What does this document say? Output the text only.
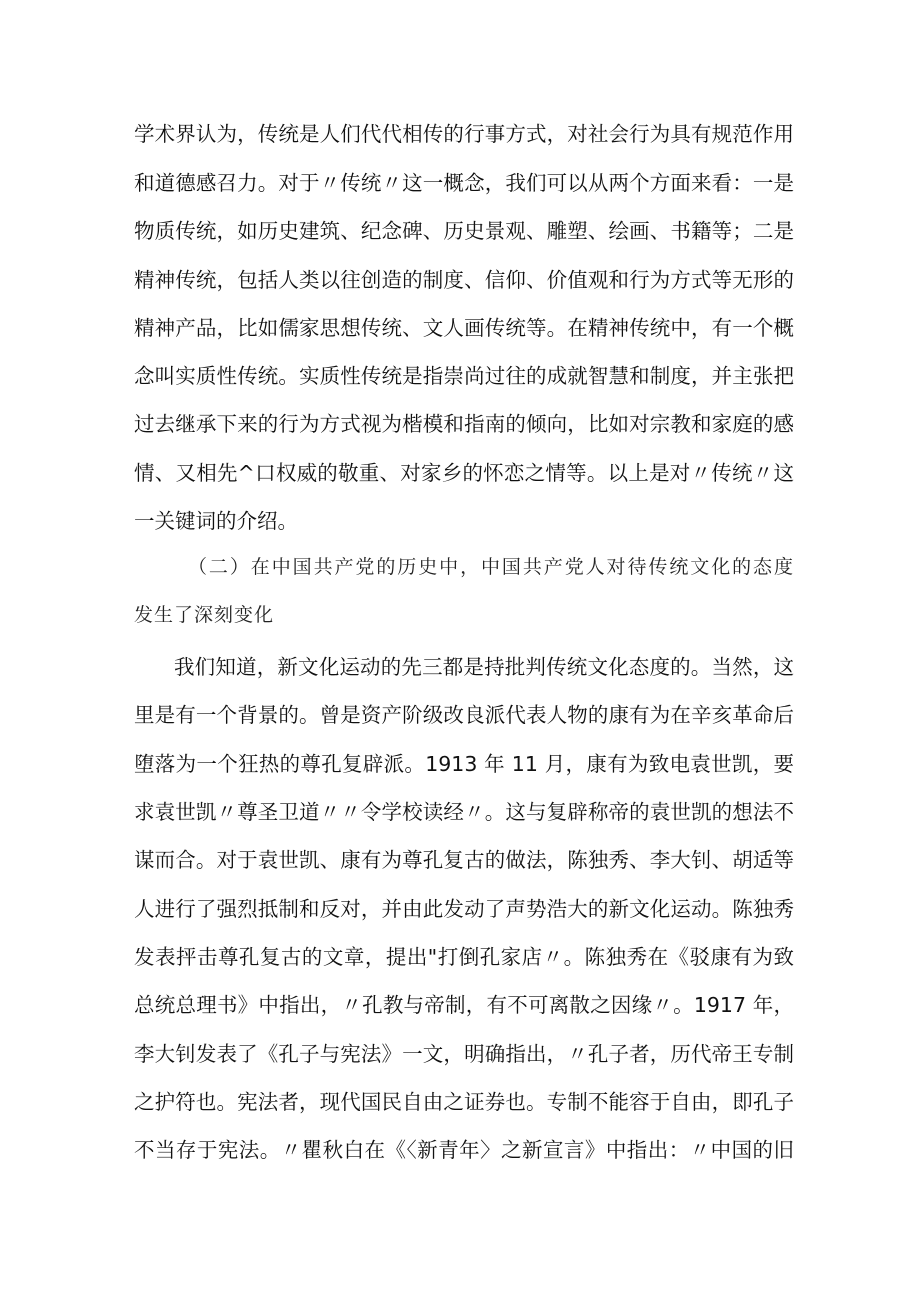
学术界认为，传统是人们代代相传的行事方式，对社会行为具有规范作用
和道德感召力。对于〃传统〃这一概念，我们可以从两个方面来看：一是
物质传统，如历史建筑、纪念碑、历史景观、雕塑、绘画、书籍等；二是
精神传统，包括人类以往创造的制度、信仰、价值观和行为方式等无形的
精神产品，比如儒家思想传统、文人画传统等。在精神传统中，有一个概
念叫实质性传统。实质性传统是指崇尚过往的成就智慧和制度，并主张把
过去继承下来的行为方式视为楷模和指南的倾向，比如对宗教和家庭的感
情、又相先^口权威的敬重、对家乡的怀恋之情等。以上是对〃传统〃这
一关键词的介绍。
（二）在中国共产党的历史中，中国共产党人对待传统文化的态度
发生了深刻变化
我们知道，新文化运动的先三都是持批判传统文化态度的。当然，这
里是有一个背景的。曾是资产阶级改良派代表人物的康有为在辛亥革命后
堕落为一个狂热的尊孔复辟派。1913 年 11 月，康有为致电袁世凯，要
求袁世凯〃尊圣卫道〃〃令学校读经〃。这与复辟称帝的袁世凯的想法不
谋而合。对于袁世凯、康有为尊孔复古的做法，陈独秀、李大钊、胡适等
人进行了强烈抵制和反对，并由此发动了声势浩大的新文化运动。陈独秀
发表抨击尊孔复古的文章，提出"打倒孔家店〃。陈独秀在《驳康有为致
总统总理书》中指出，〃孔教与帝制，有不可离散之因缘〃。1917 年，
李大钊发表了《孔子与宪法》一文，明确指出，〃孔子者，历代帝王专制
之护符也。宪法者，现代国民自由之证券也。专制不能容于自由，即孔子
不当存于宪法。〃瞿秋白在《〈新青年〉之新宣言》中指出：〃中国的旧
